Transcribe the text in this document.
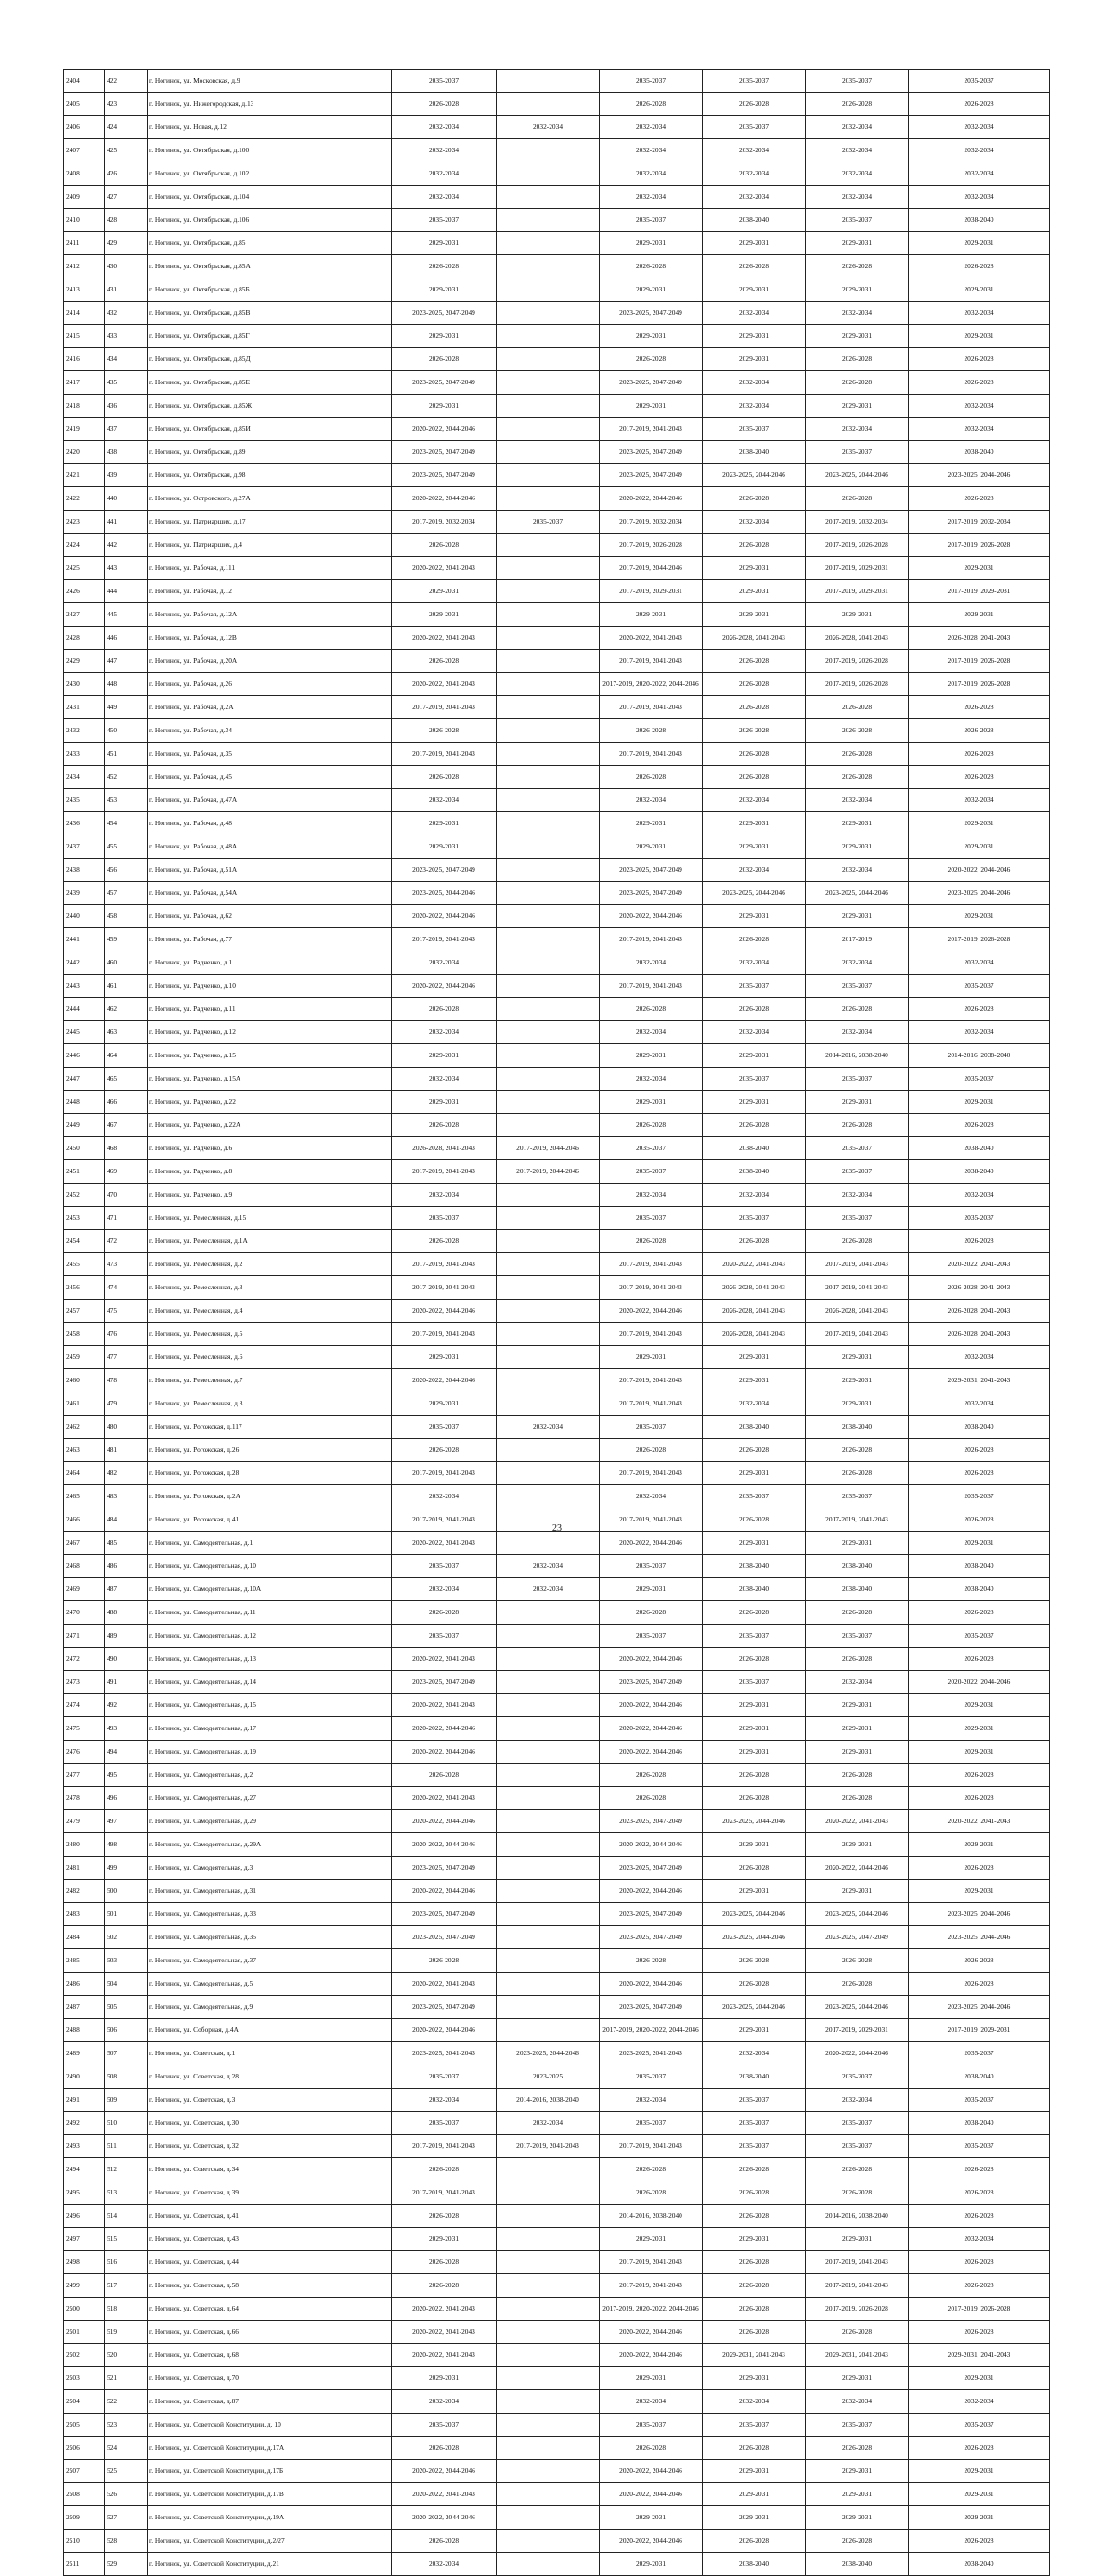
2404	422	г. Ногинск, ул. Московская, д.9	2035-2037		2035-2037	2035-2037	2035-2037	2035-2037
2405	423	г. Ногинск, ул. Нижегородская, д.13	2026-2028		2026-2028	2026-2028	2026-2028	2026-2028
2406	424	г. Ногинск, ул. Новая, д.12	2032-2034	2032-2034	2032-2034	2035-2037	2032-2034	2032-2034
2407	425	г. Ногинск, ул. Октябрьская, д.100	2032-2034		2032-2034	2032-2034	2032-2034	2032-2034
2408	426	г. Ногинск, ул. Октябрьская, д.102	2032-2034		2032-2034	2032-2034	2032-2034	2032-2034
2409	427	г. Ногинск, ул. Октябрьская, д.104	2032-2034		2032-2034	2032-2034	2032-2034	2032-2034
2410	428	г. Ногинск, ул. Октябрьская, д.106	2035-2037		2035-2037	2038-2040	2035-2037	2038-2040
2411	429	г. Ногинск, ул. Октябрьская, д.85	2029-2031		2029-2031	2029-2031	2029-2031	2029-2031
2412	430	г. Ногинск, ул. Октябрьская, д.85А	2026-2028		2026-2028	2026-2028	2026-2028	2026-2028
2413	431	г. Ногинск, ул. Октябрьская, д.85Б	2029-2031		2029-2031	2029-2031	2029-2031	2029-2031
2414	432	г. Ногинск, ул. Октябрьская, д.85В	2023-2025, 2047-2049		2023-2025, 2047-2049	2032-2034	2032-2034	2032-2034
2415	433	г. Ногинск, ул. Октябрьская, д.85Г	2029-2031		2029-2031	2029-2031	2029-2031	2029-2031
2416	434	г. Ногинск, ул. Октябрьская, д.85Д	2026-2028		2026-2028	2029-2031	2026-2028	2026-2028
2417	435	г. Ногинск, ул. Октябрьская, д.85Е	2023-2025, 2047-2049		2023-2025, 2047-2049	2032-2034	2026-2028	2026-2028
2418	436	г. Ногинск, ул. Октябрьская, д.85Ж	2029-2031		2029-2031	2032-2034	2029-2031	2032-2034
2419	437	г. Ногинск, ул. Октябрьская, д.85И	2020-2022, 2044-2046		2017-2019, 2041-2043	2035-2037	2032-2034	2032-2034
2420	438	г. Ногинск, ул. Октябрьская, д.89	2023-2025, 2047-2049		2023-2025, 2047-2049	2038-2040	2035-2037	2038-2040
2421	439	г. Ногинск, ул. Октябрьская, д.98	2023-2025, 2047-2049		2023-2025, 2047-2049	2023-2025, 2044-2046	2023-2025, 2044-2046	2023-2025, 2044-2046
2422	440	г. Ногинск, ул. Островского, д.27А	2020-2022, 2044-2046		2020-2022, 2044-2046	2026-2028	2026-2028	2026-2028
2423	441	г. Ногинск, ул. Патриарших, д.17	2017-2019, 2032-2034	2035-2037	2017-2019, 2032-2034	2032-2034	2017-2019, 2032-2034	2017-2019, 2032-2034
2424	442	г. Ногинск, ул. Патриарших, д.4	2026-2028		2017-2019, 2026-2028	2026-2028	2017-2019, 2026-2028	2017-2019, 2026-2028
2425	443	г. Ногинск, ул. Рабочая, д.111	2020-2022, 2041-2043		2017-2019, 2044-2046	2029-2031	2017-2019, 2029-2031	2029-2031
2426	444	г. Ногинск, ул. Рабочая, д.12	2029-2031		2017-2019, 2029-2031	2029-2031	2017-2019, 2029-2031	2017-2019, 2029-2031
2427	445	г. Ногинск, ул. Рабочая, д.12А	2029-2031		2029-2031	2029-2031	2029-2031	2029-2031
2428	446	г. Ногинск, ул. Рабочая, д.12В	2020-2022, 2041-2043		2020-2022, 2041-2043	2026-2028, 2041-2043	2026-2028, 2041-2043	2026-2028, 2041-2043
2429	447	г. Ногинск, ул. Рабочая, д.20А	2026-2028		2017-2019, 2041-2043	2026-2028	2017-2019, 2026-2028	2017-2019, 2026-2028
2430	448	г. Ногинск, ул. Рабочая, д.26	2020-2022, 2041-2043		2017-2019, 2020-2022, 2044-2046	2026-2028	2017-2019, 2026-2028	2017-2019, 2026-2028
2431	449	г. Ногинск, ул. Рабочая, д.2А	2017-2019, 2041-2043		2017-2019, 2041-2043	2026-2028	2026-2028	2026-2028
2432	450	г. Ногинск, ул. Рабочая, д.34	2026-2028		2026-2028	2026-2028	2026-2028	2026-2028
2433	451	г. Ногинск, ул. Рабочая, д.35	2017-2019, 2041-2043		2017-2019, 2041-2043	2026-2028	2026-2028	2026-2028
2434	452	г. Ногинск, ул. Рабочая, д.45	2026-2028		2026-2028	2026-2028	2026-2028	2026-2028
2435	453	г. Ногинск, ул. Рабочая, д.47А	2032-2034		2032-2034	2032-2034	2032-2034	2032-2034
2436	454	г. Ногинск, ул. Рабочая, д.48	2029-2031		2029-2031	2029-2031	2029-2031	2029-2031
2437	455	г. Ногинск, ул. Рабочая, д.48А	2029-2031		2029-2031	2029-2031	2029-2031	2029-2031
2438	456	г. Ногинск, ул. Рабочая, д.51А	2023-2025, 2047-2049		2023-2025, 2047-2049	2032-2034	2032-2034	2020-2022, 2044-2046
2439	457	г. Ногинск, ул. Рабочая, д.54А	2023-2025, 2044-2046		2023-2025, 2047-2049	2023-2025, 2044-2046	2023-2025, 2044-2046	2023-2025, 2044-2046
2440	458	г. Ногинск, ул. Рабочая, д.62	2020-2022, 2044-2046		2020-2022, 2044-2046	2029-2031	2029-2031	2029-2031
2441	459	г. Ногинск, ул. Рабочая, д.77	2017-2019, 2041-2043		2017-2019, 2041-2043	2026-2028	2017-2019	2017-2019, 2026-2028
2442	460	г. Ногинск, ул. Радченко, д.1	2032-2034		2032-2034	2032-2034	2032-2034	2032-2034
2443	461	г. Ногинск, ул. Радченко, д.10	2020-2022, 2044-2046		2017-2019, 2041-2043	2035-2037	2035-2037	2035-2037
2444	462	г. Ногинск, ул. Радченко, д.11	2026-2028		2026-2028	2026-2028	2026-2028	2026-2028
2445	463	г. Ногинск, ул. Радченко, д.12	2032-2034		2032-2034	2032-2034	2032-2034	2032-2034
2446	464	г. Ногинск, ул. Радченко, д.15	2029-2031		2029-2031	2029-2031	2014-2016, 2038-2040	2014-2016, 2038-2040
2447	465	г. Ногинск, ул. Радченко, д.15А	2032-2034		2032-2034	2035-2037	2035-2037	2035-2037
2448	466	г. Ногинск, ул. Радченко, д.22	2029-2031		2029-2031	2029-2031	2029-2031	2029-2031
2449	467	г. Ногинск, ул. Радченко, д.22А	2026-2028		2026-2028	2026-2028	2026-2028	2026-2028
2450	468	г. Ногинск, ул. Радченко, д.6	2026-2028, 2041-2043	2017-2019, 2044-2046	2035-2037	2038-2040	2035-2037	2038-2040
2451	469	г. Ногинск, ул. Радченко, д.8	2017-2019, 2041-2043	2017-2019, 2044-2046	2035-2037	2038-2040	2035-2037	2038-2040
2452	470	г. Ногинск, ул. Радченко, д.9	2032-2034		2032-2034	2032-2034	2032-2034	2032-2034
2453	471	г. Ногинск, ул. Ремесленная, д.15	2035-2037		2035-2037	2035-2037	2035-2037	2035-2037
2454	472	г. Ногинск, ул. Ремесленная, д.1А	2026-2028		2026-2028	2026-2028	2026-2028	2026-2028
2455	473	г. Ногинск, ул. Ремесленная, д.2	2017-2019, 2041-2043		2017-2019, 2041-2043	2020-2022, 2041-2043	2017-2019, 2041-2043	2020-2022, 2041-2043
2456	474	г. Ногинск, ул. Ремесленная, д.3	2017-2019, 2041-2043		2017-2019, 2041-2043	2026-2028, 2041-2043	2017-2019, 2041-2043	2026-2028, 2041-2043
2457	475	г. Ногинск, ул. Ремесленная, д.4	2020-2022, 2044-2046		2020-2022, 2044-2046	2026-2028, 2041-2043	2026-2028, 2041-2043	2026-2028, 2041-2043
2458	476	г. Ногинск, ул. Ремесленная, д.5	2017-2019, 2041-2043		2017-2019, 2041-2043	2026-2028, 2041-2043	2017-2019, 2041-2043	2026-2028, 2041-2043
2459	477	г. Ногинск, ул. Ремесленная, д.6	2029-2031		2029-2031	2029-2031	2029-2031	2032-2034
2460	478	г. Ногинск, ул. Ремесленная, д.7	2020-2022, 2044-2046		2017-2019, 2041-2043	2029-2031	2029-2031	2029-2031, 2041-2043
2461	479	г. Ногинск, ул. Ремесленная, д.8	2029-2031		2017-2019, 2041-2043	2032-2034	2029-2031	2032-2034
2462	480	г. Ногинск, ул. Рогожская, д.117	2035-2037	2032-2034	2035-2037	2038-2040	2038-2040	2038-2040
2463	481	г. Ногинск, ул. Рогожская, д.26	2026-2028		2026-2028	2026-2028	2026-2028	2026-2028
2464	482	г. Ногинск, ул. Рогожская, д.28	2017-2019, 2041-2043		2017-2019, 2041-2043	2029-2031	2026-2028	2026-2028
2465	483	г. Ногинск, ул. Рогожская, д.2А	2032-2034		2032-2034	2035-2037	2035-2037	2035-2037
2466	484	г. Ногинск, ул. Рогожская, д.41	2017-2019, 2041-2043		2017-2019, 2041-2043	2026-2028	2017-2019, 2041-2043	2026-2028
2467	485	г. Ногинск, ул. Самодеятельная, д.1	2020-2022, 2041-2043		2020-2022, 2044-2046	2029-2031	2029-2031	2029-2031
2468	486	г. Ногинск, ул. Самодеятельная, д.10	2035-2037	2032-2034	2035-2037	2038-2040	2038-2040	2038-2040
2469	487	г. Ногинск, ул. Самодеятельная, д.10А	2032-2034	2032-2034	2029-2031	2038-2040	2038-2040	2038-2040
2470	488	г. Ногинск, ул. Самодеятельная, д.11	2026-2028		2026-2028	2026-2028	2026-2028	2026-2028
2471	489	г. Ногинск, ул. Самодеятельная, д.12	2035-2037		2035-2037	2035-2037	2035-2037	2035-2037
2472	490	г. Ногинск, ул. Самодеятельная, д.13	2020-2022, 2041-2043		2020-2022, 2044-2046	2026-2028	2026-2028	2026-2028
2473	491	г. Ногинск, ул. Самодеятельная, д.14	2023-2025, 2047-2049		2023-2025, 2047-2049	2035-2037	2032-2034	2020-2022, 2044-2046
2474	492	г. Ногинск, ул. Самодеятельная, д.15	2020-2022, 2041-2043		2020-2022, 2044-2046	2029-2031	2029-2031	2029-2031
2475	493	г. Ногинск, ул. Самодеятельная, д.17	2020-2022, 2044-2046		2020-2022, 2044-2046	2029-2031	2029-2031	2029-2031
2476	494	г. Ногинск, ул. Самодеятельная, д.19	2020-2022, 2044-2046		2020-2022, 2044-2046	2029-2031	2029-2031	2029-2031
2477	495	г. Ногинск, ул. Самодеятельная, д.2	2026-2028		2026-2028	2026-2028	2026-2028	2026-2028
2478	496	г. Ногинск, ул. Самодеятельная, д.27	2020-2022, 2041-2043		2026-2028	2026-2028	2026-2028	2026-2028
2479	497	г. Ногинск, ул. Самодеятельная, д.29	2020-2022, 2044-2046		2023-2025, 2047-2049	2023-2025, 2044-2046	2020-2022, 2041-2043	2020-2022, 2041-2043
2480	498	г. Ногинск, ул. Самодеятельная, д.29А	2020-2022, 2044-2046		2020-2022, 2044-2046	2029-2031	2029-2031	2029-2031
2481	499	г. Ногинск, ул. Самодеятельная, д.3	2023-2025, 2047-2049		2023-2025, 2047-2049	2026-2028	2020-2022, 2044-2046	2026-2028
2482	500	г. Ногинск, ул. Самодеятельная, д.31	2020-2022, 2044-2046		2020-2022, 2044-2046	2029-2031	2029-2031	2029-2031
2483	501	г. Ногинск, ул. Самодеятельная, д.33	2023-2025, 2047-2049		2023-2025, 2047-2049	2023-2025, 2044-2046	2023-2025, 2044-2046	2023-2025, 2044-2046
2484	502	г. Ногинск, ул. Самодеятельная, д.35	2023-2025, 2047-2049		2023-2025, 2047-2049	2023-2025, 2044-2046	2023-2025, 2047-2049	2023-2025, 2044-2046
2485	503	г. Ногинск, ул. Самодеятельная, д.37	2026-2028		2026-2028	2026-2028	2026-2028	2026-2028
2486	504	г. Ногинск, ул. Самодеятельная, д.5	2020-2022, 2041-2043		2020-2022, 2044-2046	2026-2028	2026-2028	2026-2028
2487	505	г. Ногинск, ул. Самодеятельная, д.9	2023-2025, 2047-2049		2023-2025, 2047-2049	2023-2025, 2044-2046	2023-2025, 2044-2046	2023-2025, 2044-2046
2488	506	г. Ногинск, ул. Соборная, д.4А	2020-2022, 2044-2046		2017-2019, 2020-2022, 2044-2046	2029-2031	2017-2019, 2029-2031	2017-2019, 2029-2031
2489	507	г. Ногинск, ул. Советская, д.1	2023-2025, 2041-2043	2023-2025, 2044-2046	2023-2025, 2041-2043	2032-2034	2020-2022, 2044-2046	2035-2037
2490	508	г. Ногинск, ул. Советская, д.28	2035-2037	2023-2025	2035-2037	2038-2040	2035-2037	2038-2040
2491	509	г. Ногинск, ул. Советская, д.3	2032-2034	2014-2016, 2038-2040	2032-2034	2035-2037	2032-2034	2035-2037
2492	510	г. Ногинск, ул. Советская, д.30	2035-2037	2032-2034	2035-2037	2035-2037	2035-2037	2038-2040
2493	511	г. Ногинск, ул. Советская, д.32	2017-2019, 2041-2043	2017-2019, 2041-2043	2017-2019, 2041-2043	2035-2037	2035-2037	2035-2037
2494	512	г. Ногинск, ул. Советская, д.34	2026-2028		2026-2028	2026-2028	2026-2028	2026-2028
2495	513	г. Ногинск, ул. Советская, д.39	2017-2019, 2041-2043		2026-2028	2026-2028	2026-2028	2026-2028
2496	514	г. Ногинск, ул. Советская, д.41	2026-2028		2014-2016, 2038-2040	2026-2028	2014-2016, 2038-2040	2026-2028
2497	515	г. Ногинск, ул. Советская, д.43	2029-2031		2029-2031	2029-2031	2029-2031	2032-2034
2498	516	г. Ногинск, ул. Советская, д.44	2026-2028		2017-2019, 2041-2043	2026-2028	2017-2019, 2041-2043	2026-2028
2499	517	г. Ногинск, ул. Советская, д.58	2026-2028		2017-2019, 2041-2043	2026-2028	2017-2019, 2041-2043	2026-2028
2500	518	г. Ногинск, ул. Советская, д.64	2020-2022, 2041-2043		2017-2019, 2020-2022, 2044-2046	2026-2028	2017-2019, 2026-2028	2017-2019, 2026-2028
2501	519	г. Ногинск, ул. Советская, д.66	2020-2022, 2041-2043		2020-2022, 2044-2046	2026-2028	2026-2028	2026-2028
2502	520	г. Ногинск, ул. Советская, д.68	2020-2022, 2041-2043		2020-2022, 2044-2046	2029-2031, 2041-2043	2029-2031, 2041-2043	2029-2031, 2041-2043
2503	521	г. Ногинск, ул. Советская, д.70	2029-2031		2029-2031	2029-2031	2029-2031	2029-2031
2504	522	г. Ногинск, ул. Советская, д.87	2032-2034		2032-2034	2032-2034	2032-2034	2032-2034
2505	523	г. Ногинск, ул. Советской Конституции, д. 10	2035-2037		2035-2037	2035-2037	2035-2037	2035-2037
2506	524	г. Ногинск, ул. Советской Конституции, д.17А	2026-2028		2026-2028	2026-2028	2026-2028	2026-2028
2507	525	г. Ногинск, ул. Советской Конституции, д.17Б	2020-2022, 2044-2046		2020-2022, 2044-2046	2029-2031	2029-2031	2029-2031
2508	526	г. Ногинск, ул. Советской Конституции, д.17В	2020-2022, 2041-2043		2020-2022, 2044-2046	2029-2031	2029-2031	2029-2031
2509	527	г. Ногинск, ул. Советской Конституции, д.19А	2020-2022, 2044-2046		2029-2031	2029-2031	2029-2031	2029-2031
2510	528	г. Ногинск, ул. Советской Конституции, д.2/27	2026-2028		2020-2022, 2044-2046	2026-2028	2026-2028	2026-2028
2511	529	г. Ногинск, ул. Советской Конституции, д.21	2032-2034		2029-2031	2038-2040	2038-2040	2038-2040
23
